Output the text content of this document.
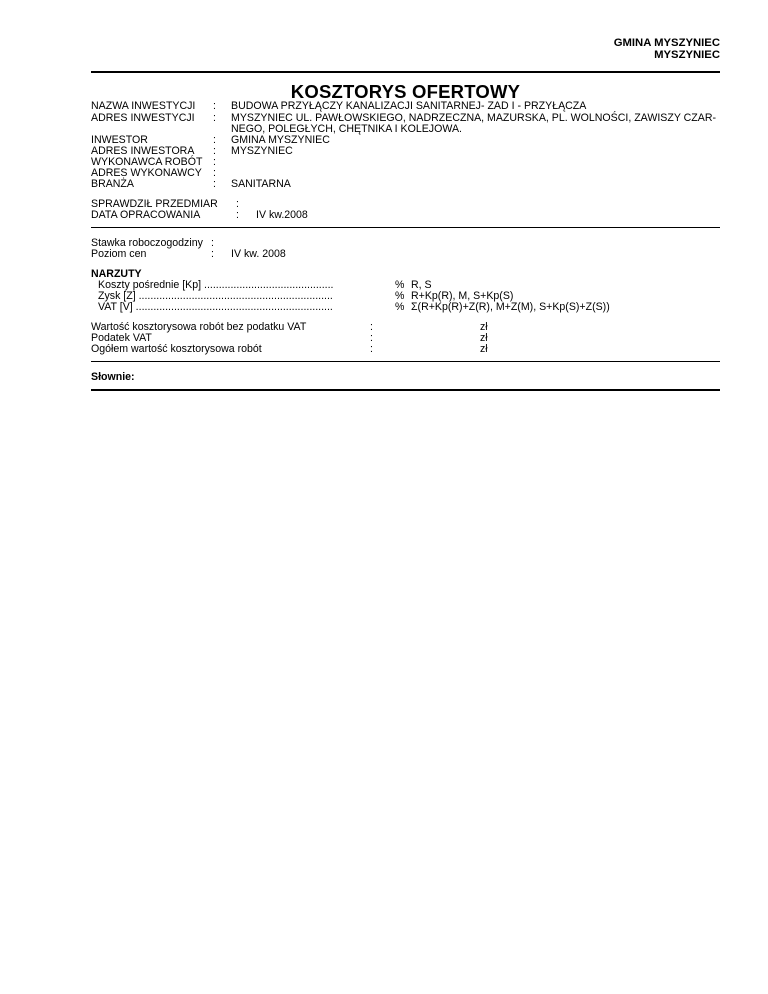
GMINA MYSZYNIEC
MYSZYNIEC
KOSZTORYS OFERTOWY
NAZWA INWESTYCJI : BUDOWA PRZYŁĄCZY KANALIZACJI SANITARNEJ- ZAD I - PRZYŁĄCZA
ADRES INWESTYCJI : MYSZYNIEC UL. PAWŁOWSKIEGO, NADRZECZNA, MAZURSKA, PL. WOLNOŚCI, ZAWISZY CZAR-
NEGO, POLEGŁYCH, CHĘTNIKA I KOLEJOWA.
INWESTOR	: GMINA MYSZYNIEC
ADRES INWESTORA : MYSZYNIEC
WYKONAWCA ROBÓT :
ADRES WYKONAWCY :
BRANŻA	: SANITARNA
SPRAWDZIŁ PRZEDMIAR :
DATA OPRACOWANIA	: IV kw.2008
Stawka roboczogodziny :
Poziom cen	: IV kw. 2008
NARZUTY
Koszty pośrednie [Kp] ............................................	% R, S
Zysk [Z] ..................................................................	% R+Kp(R), M, S+Kp(S)
VAT [V] ...................................................................	% Σ(R+Kp(R)+Z(R), M+Z(M), S+Kp(S)+Z(S))
Wartość kosztorysowa robót bez podatku VAT	:	zł
Podatek VAT	:	zł
Ogółem wartość kosztorysowa robót	:	zł
Słownie:
